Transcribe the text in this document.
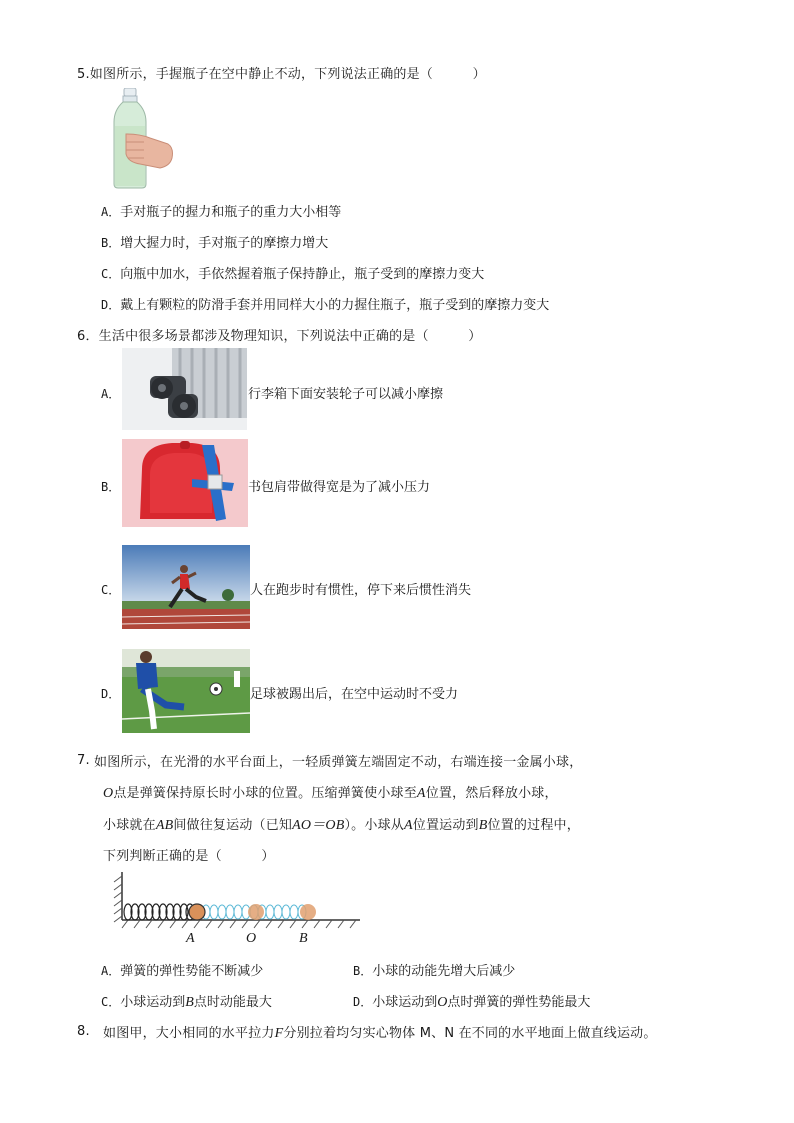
5.如图所示，手握瓶子在空中静止不动，下列说法正确的是（　　　）
A．手对瓶子的握力和瓶子的重力大小相等
B．增大握力时，手对瓶子的摩擦力增大
C．向瓶中加水，手依然握着瓶子保持静止，瓶子受到的摩擦力变大
D．戴上有颗粒的防滑手套并用同样大小的力握住瓶子，瓶子受到的摩擦力变大
6．生活中很多场景都涉及物理知识，下列说法中正确的是（　　　）
A．	行李箱下面安装轮子可以减小摩擦
B．	书包肩带做得宽是为了减小压力
C．	人在跑步时有惯性，停下来后惯性消失
D．	足球被踢出后，在空中运动时不受力
7. 如图所示，在光滑的水平台面上，一轻质弹簧左端固定不动，右端连接一金属小球，
O点是弹簧保持原长时小球的位置。压缩弹簧使小球至A位置，然后释放小球，
小球就在AB间做往复运动（已知AO＝OB）。小球从A位置运动到B位置的过程中，
下列判断正确的是（　　　）
A	O	B
A．弹簧的弹性势能不断减少	B．小球的动能先增大后减少
C．小球运动到B点时动能最大	D．小球运动到O点时弹簧的弹性势能最大
8. 如图甲，大小相同的水平拉力F分别拉着均匀实心物体 M、N 在不同的水平地面上做直线运动。
